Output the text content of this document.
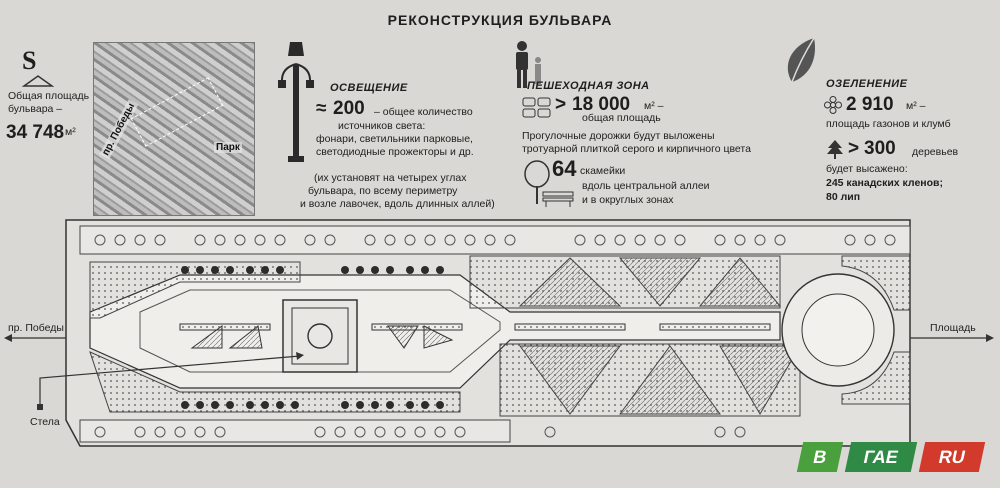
РЕКОНСТРУКЦИЯ БУЛЬВАРА
S
Общая площадь
бульвара –
34 748 м² пр. Победы	Парк
ОСВЕЩЕНИЕ
≈ 200 – общее количество
источников света:
фонари, светильники парковые,
светодиодные прожекторы и др.
(их установят на четырех углах
бульвара, по всему периметру
и возле лавочек, вдоль длинных аллей)
ПЕШЕХОДНАЯ ЗОНА
> 18 000 м² –
общая площадь
Прогулочные дорожки будут выложены
тротуарной плиткой серого и кирпичного цвета
64 скамейки
вдоль центральной аллеи
и в округлых зонах
ОЗЕЛЕНЕНИЕ
2 910 м² –
площадь газонов и клумб
> 300 деревьев
будет высажено:
245 канадских кленов;
80 лип
пр. Победы	Площадь
Стела
В	ГАЕ	RU
